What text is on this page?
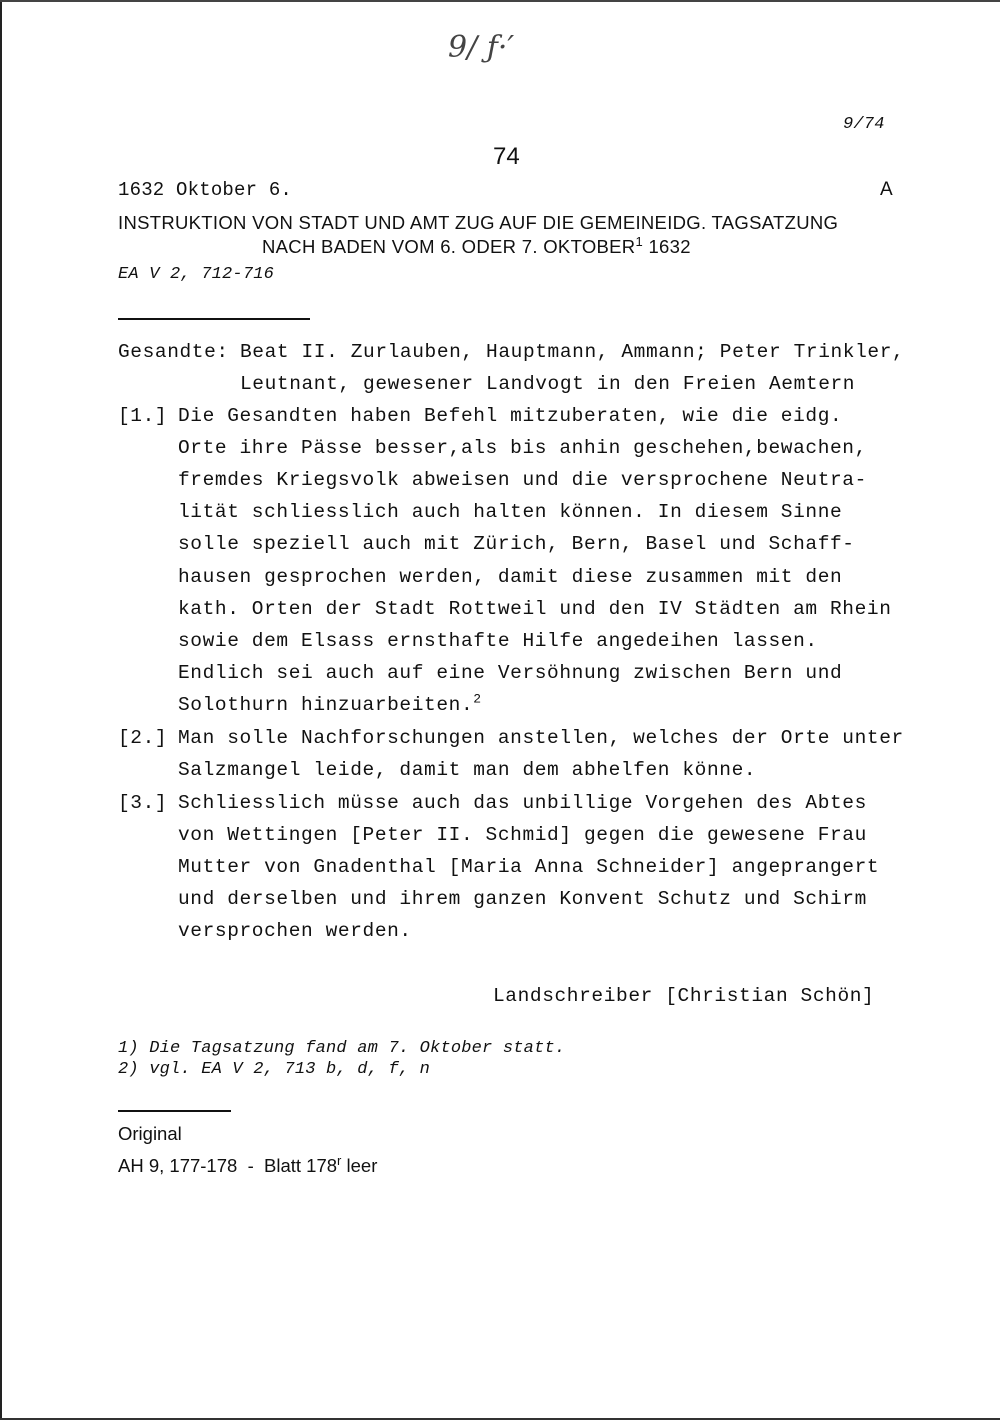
9/ ƒ·′
9/74
74
1632 Oktober 6.	A
INSTRUKTION VON STADT UND AMT ZUG AUF DIE GEMEINEIDG. TAGSATZUNG
NACH BADEN VOM 6. ODER 7. OKTOBER$^1$ 1632
EA V 2, 712-716
Gesandte: Beat II. Zurlauben, Hauptmann, Ammann; Peter Trinkler,
Leutnant, gewesener Landvogt in den Freien Aemtern
[1.] Die Gesandten haben Befehl mitzuberaten, wie die eidg.
Orte ihre Pässe besser,als bis anhin geschehen,bewachen,
fremdes Kriegsvolk abweisen und die versprochene Neutra-
lität schliesslich auch halten können. In diesem Sinne
solle speziell auch mit Zürich, Bern, Basel und Schaff-
hausen gesprochen werden, damit diese zusammen mit den
kath. Orten der Stadt Rottweil und den IV Städten am Rhein
sowie dem Elsass ernsthafte Hilfe angedeihen lassen.
Endlich sei auch auf eine Versöhnung zwischen Bern und
Solothurn hinzuarbeiten.$^2$
[2.] Man solle Nachforschungen anstellen, welches der Orte unter
Salzmangel leide, damit man dem abhelfen könne.
[3.] Schliesslich müsse auch das unbillige Vorgehen des Abtes
von Wettingen [Peter II. Schmid] gegen die gewesene Frau
Mutter von Gnadenthal [Maria Anna Schneider] angeprangert
und derselben und ihrem ganzen Konvent Schutz und Schirm
versprochen werden.
Landschreiber [Christian Schön]
1) Die Tagsatzung fand am 7. Oktober statt.
2) vgl. EA V 2, 713 b, d, f, n
Original
AH 9, 177-178  -  Blatt 178$^r$ leer
